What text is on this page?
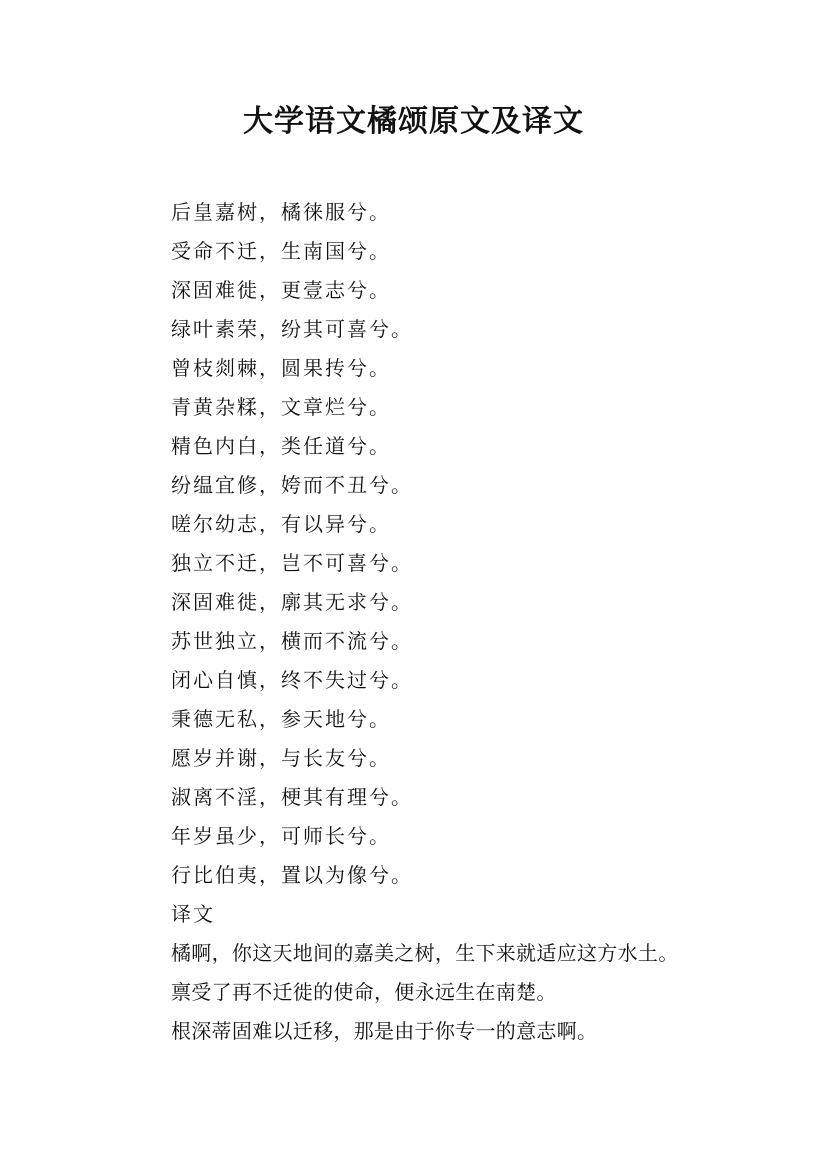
大学语文橘颂原文及译文
后皇嘉树，橘徕服兮。
受命不迁，生南国兮。
深固难徙，更壹志兮。
绿叶素荣，纷其可喜兮。
曾枝剡棘，圆果抟兮。
青黄杂糅，文章烂兮。
精色内白，类任道兮。
纷缊宜修，姱而不丑兮。
嗟尔幼志，有以异兮。
独立不迁，岂不可喜兮。
深固难徙，廓其无求兮。
苏世独立，横而不流兮。
闭心自慎，终不失过兮。
秉德无私，参天地兮。
愿岁并谢，与长友兮。
淑离不淫，梗其有理兮。
年岁虽少，可师长兮。
行比伯夷，置以为像兮。
译文
橘啊，你这天地间的嘉美之树，生下来就适应这方水土。
禀受了再不迁徙的使命，便永远生在南楚。
根深蒂固难以迁移，那是由于你专一的意志啊。
